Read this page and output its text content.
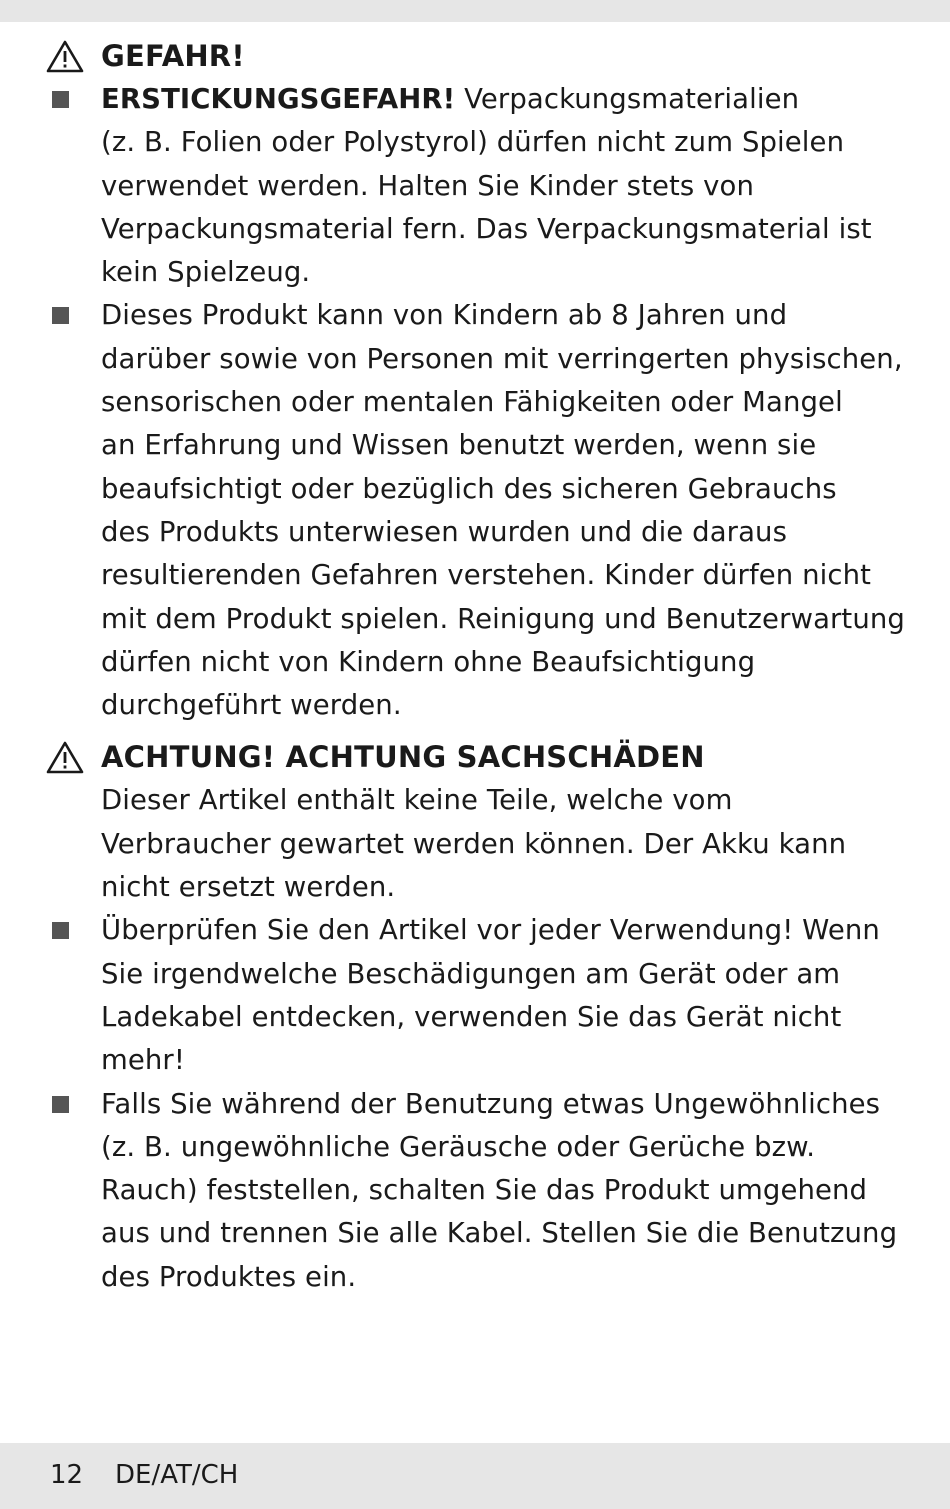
GEFAHR!
ERSTICKUNGSGEFAHR! Verpackungsmaterialien
(z. B. Folien oder Polystyrol) dürfen nicht zum Spielen
verwendet werden. Halten Sie Kinder stets von
Verpackungsmaterial fern. Das Verpackungsmaterial ist
kein Spielzeug.
Dieses Produkt kann von Kindern ab 8 Jahren und
darüber sowie von Personen mit verringerten physischen,
sensorischen oder mentalen Fähigkeiten oder Mangel
an Erfahrung und Wissen benutzt werden, wenn sie
beaufsichtigt oder bezüglich des sicheren Gebrauchs
des Produkts unterwiesen wurden und die daraus
resultierenden Gefahren verstehen. Kinder dürfen nicht
mit dem Produkt spielen. Reinigung und Benutzerwartung
dürfen nicht von Kindern ohne Beaufsichtigung
durchgeführt werden.
ACHTUNG! ACHTUNG SACHSCHÄDEN
Dieser Artikel enthält keine Teile, welche vom
Verbraucher gewartet werden können. Der Akku kann
nicht ersetzt werden.
Überprüfen Sie den Artikel vor jeder Verwendung! Wenn
Sie irgendwelche Beschädigungen am Gerät oder am
Ladekabel entdecken, verwenden Sie das Gerät nicht
mehr!
Falls Sie während der Benutzung etwas Ungewöhnliches
(z. B. ungewöhnliche Geräusche oder Gerüche bzw.
Rauch) feststellen, schalten Sie das Produkt umgehend
aus und trennen Sie alle Kabel. Stellen Sie die Benutzung
des Produktes ein.
12 DE/AT/CH
